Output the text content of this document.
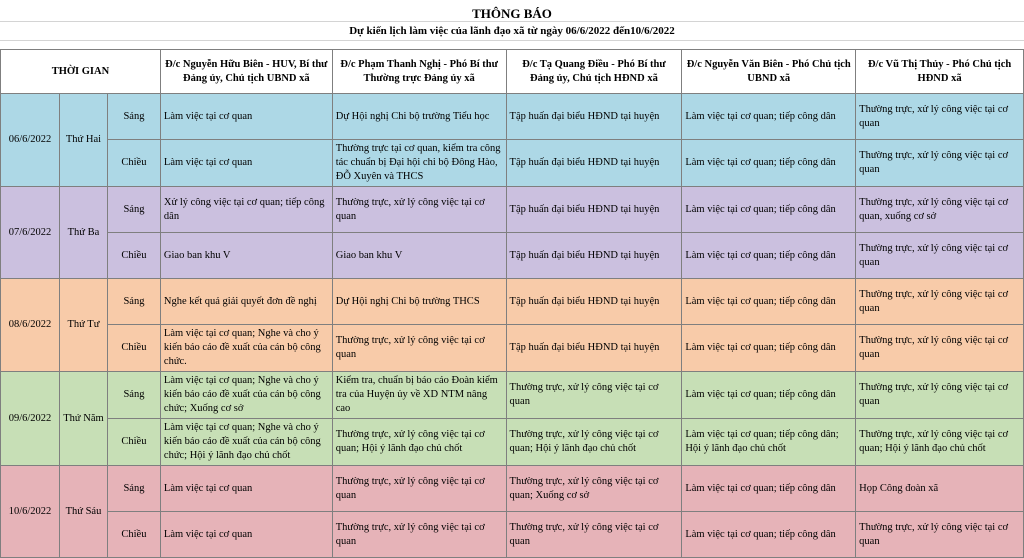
THÔNG BÁO
Dự kiến lịch làm việc của lãnh đạo xã từ ngày 06/6/2022 đến10/6/2022
THỜI GIAN			Đ/c Nguyễn Hữu Biên - HUV, Bí thư Đảng ủy, Chủ tịch UBND xã	Đ/c Phạm Thanh Nghị - Phó Bí thư Thường trực Đảng ủy xã	Đ/c Tạ Quang Điều - Phó Bí thư Đảng ủy, Chủ tịch HĐND xã	Đ/c Nguyễn Văn Biên - Phó Chủ tịch UBND xã	Đ/c Vũ Thị Thủy - Phó Chủ tịch HĐND xã
06/6/2022	Thứ Hai	Sáng	Làm việc tại cơ quan	Dự Hội nghị Chi bộ trường Tiểu học	Tập huấn đại biểu HĐND tại huyện	Làm việc tại cơ quan; tiếp công dân	Thường trực, xử lý công việc tại cơ quan
		Chiều	Làm việc tại cơ quan	Thường trực tại cơ quan, kiểm tra công tác chuẩn bị Đại hội chi bộ Đông Hào, ĐỖ Xuyên và THCS	Tập huấn đại biểu HĐND tại huyện	Làm việc tại cơ quan; tiếp công dân	Thường trực, xử lý công việc tại cơ quan
07/6/2022	Thứ Ba	Sáng	Xử lý công việc tại cơ quan; tiếp công dân	Thường trực, xử lý công việc tại cơ quan	Tập huấn đại biểu HĐND tại huyện	Làm việc tại cơ quan; tiếp công dân	Thường trực, xử lý công việc tại cơ quan, xuống cơ sở
		Chiều	Giao ban khu V	Giao ban khu V	Tập huấn đại biểu HĐND tại huyện	Làm việc tại cơ quan; tiếp công dân	Thường trực, xử lý công việc tại cơ quan
08/6/2022	Thứ Tư	Sáng	Nghe kết quả giải quyết đơn đề nghị	Dự Hội nghị Chi bộ trường THCS	Tập huấn đại biểu HĐND tại huyện	Làm việc tại cơ quan; tiếp công dân	Thường trực, xử lý công việc tại cơ quan
		Chiều	Làm việc tại cơ quan; Nghe và cho ý kiến báo cáo đề xuất của cán bộ công chức.	Thường trực, xử lý công việc tại cơ quan	Tập huấn đại biểu HĐND tại huyện	Làm việc tại cơ quan; tiếp công dân	Thường trực, xử lý công việc tại cơ quan
09/6/2022	Thứ Năm	Sáng	Làm việc tại cơ quan; Nghe và cho ý kiến báo cáo đề xuất của cán bộ công chức; Xuống cơ sở	Kiểm tra, chuẩn bị báo cáo Đoàn kiểm tra của Huyện ủy về XD NTM nâng cao	Thường trực, xử lý công việc tại cơ quan	Làm việc tại cơ quan; tiếp công dân	Thường trực, xử lý công việc tại cơ quan
		Chiều	Làm việc tại cơ quan; Nghe và cho ý kiến báo cáo đề xuất của cán bộ công chức; Hội ý lãnh đạo chủ chốt	Thường trực, xử lý công việc tại cơ quan; Hội ý lãnh đạo chủ chốt	Thường trực, xử lý công việc tại cơ quan; Hội ý lãnh đạo chủ chốt	Làm việc tại cơ quan; tiếp công dân; Hội ý lãnh đạo chủ chốt	Thường trực, xử lý công việc tại cơ quan; Hội ý lãnh đạo chủ chốt
10/6/2022	Thứ Sáu	Sáng	Làm việc tại cơ quan	Thường trực, xử lý công việc tại cơ quan	Thường trực, xử lý công việc tại cơ quan; Xuống cơ sở	Làm việc tại cơ quan; tiếp công dân	Họp Công đoàn xã
		Chiều	Làm việc tại cơ quan	Thường trực, xử lý công việc tại cơ quan	Thường trực, xử lý công việc tại cơ quan	Làm việc tại cơ quan; tiếp công dân	Thường trực, xử lý công việc tại cơ quan
